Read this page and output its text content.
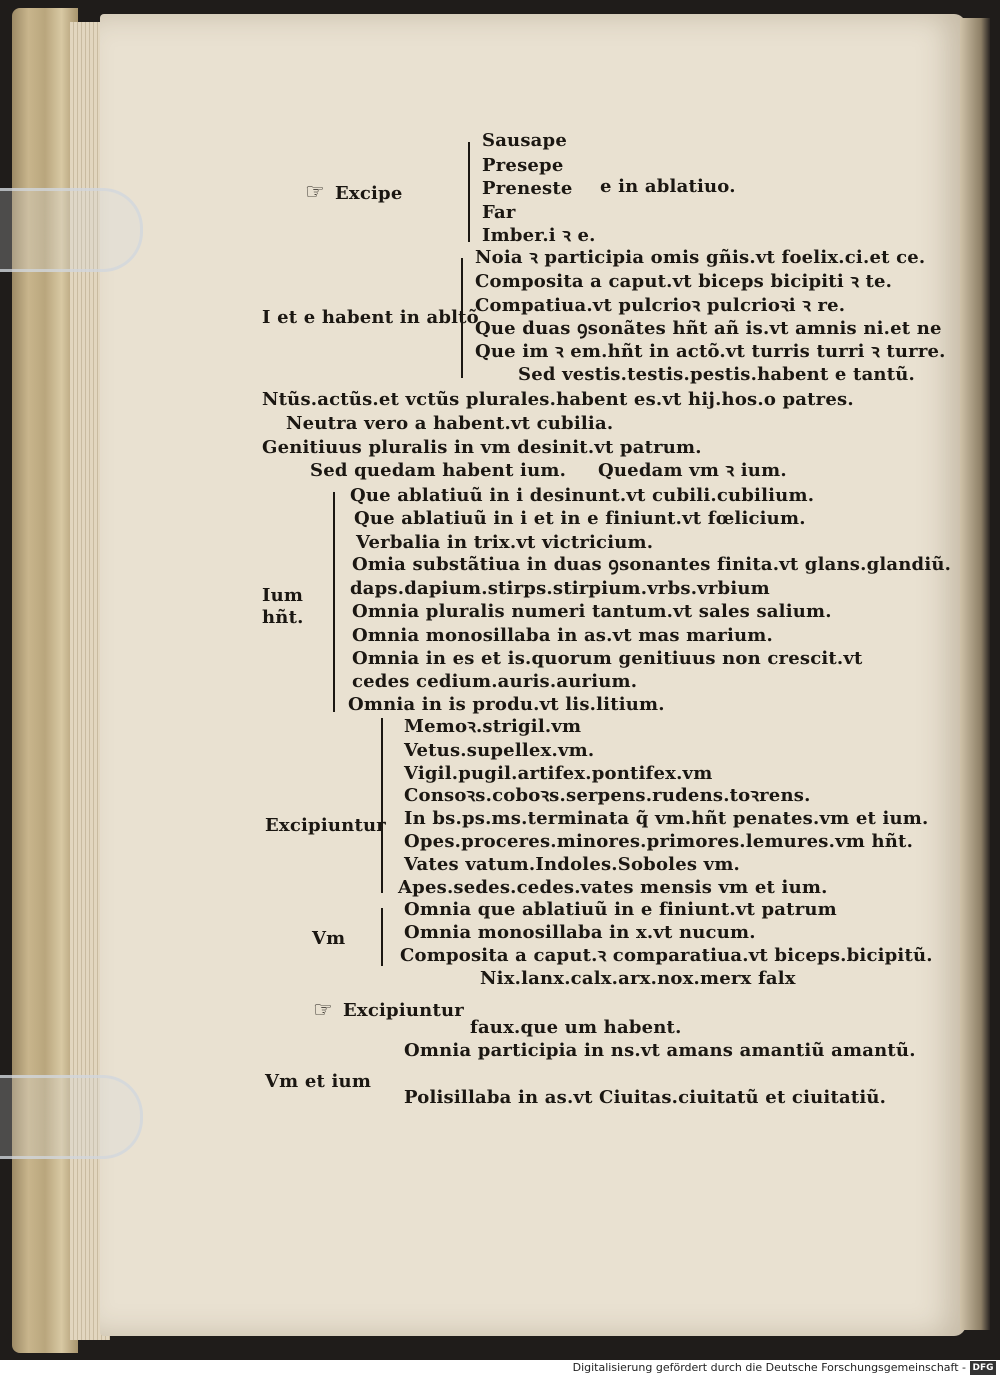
☞ Excipe	e in ablatiuo.
I et e habent in abltõ
Ium
hñt.
Excipiuntur
Vm
☞ Excipiuntur
Vm et ium
Sausape
Presepe
Preneste
Far
Imber.i ꝛ e.
Noia ꝛ participia omis gñis.vt foelix.ci.et ce.
Composita a caput.vt biceps bicipiti ꝛ te.
Compatiua.vt pulcrioꝛ pulcrioꝛi ꝛ re.
Que duas ꝯsonãtes hñt añ is.vt amnis ni.et ne
Que im ꝛ em.hñt in actõ.vt turris turri ꝛ turre.
Sed vestis.testis.pestis.habent e tantũ.
Ntũs.actũs.et vctũs plurales.habent es.vt hij.hos.o patres.
Neutra vero a habent.vt cubilia.
Genitiuus pluralis in vm desinit.vt patrum.
Sed quedam habent ium. Quedam vm ꝛ ium.
Que ablatiuũ in i desinunt.vt cubili.cubilium.
Que ablatiuũ in i et in e finiunt.vt fœlicium.
Verbalia in trix.vt victricium.
Omia substãtiua in duas ꝯsonantes finita.vt glans.glandiũ.
daps.dapium.stirps.stirpium.vrbs.vrbium
Omnia pluralis numeri tantum.vt sales salium.
Omnia monosillaba in as.vt mas marium.
Omnia in es et is.quorum genitiuus non crescit.vt
cedes cedium.auris.aurium.
Omnia in is produ.vt lis.litium.
Memoꝛ.strigil.vm
Vetus.supellex.vm.
Vigil.pugil.artifex.pontifex.vm
Consoꝛs.coboꝛs.serpens.rudens.toꝛrens.
In bs.ps.ms.terminata q̃ vm.hñt penates.vm et ium.
Opes.proceres.minores.primores.lemures.vm hñt.
Vates vatum.Indoles.Soboles vm.
Apes.sedes.cedes.vates mensis vm et ium.
Omnia que ablatiuũ in e finiunt.vt patrum
Omnia monosillaba in x.vt nucum.
Composita a caput.ꝛ comparatiua.vt biceps.bicipitũ.
Nix.lanx.calx.arx.nox.merx falx
faux.que um habent.
Omnia participia in ns.vt amans amantiũ amantũ.
Polisillaba in as.vt Ciuitas.ciuitatũ et ciuitatiũ.
Digitalisierung gefördert durch die Deutsche Forschungsgemeinschaft - DFG
